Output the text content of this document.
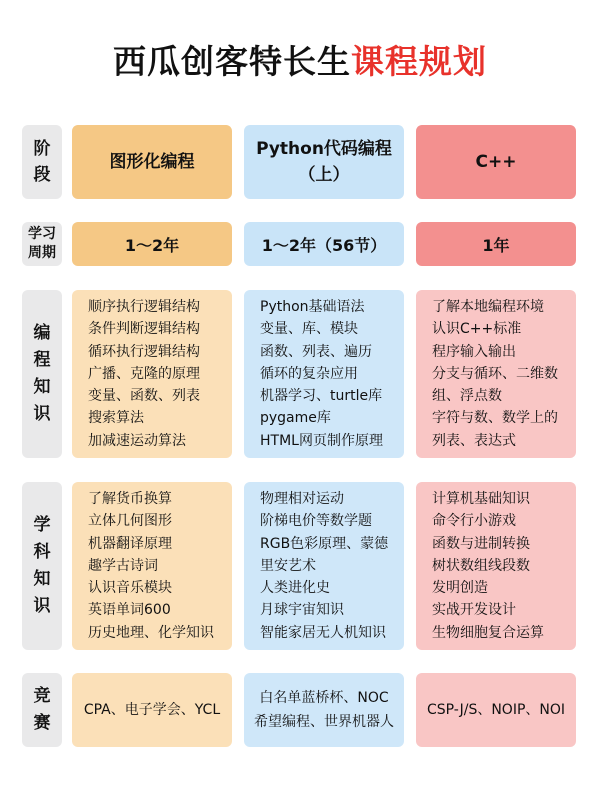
西瓜创客特长生课程规划
阶
段
学习
周期
编
程
知
识
学
科
知
识
竞
赛
图形化编程
Python代码编程
（上）
C++
1～2年	1～2年（56节）	1年
顺序执行逻辑结构
条件判断逻辑结构
循环执行逻辑结构
广播、克隆的原理
变量、函数、列表
搜索算法
加减速运动算法
Python基础语法
变量、库、模块
函数、列表、遍历
循环的复杂应用
机器学习、turtle库
pygame库
HTML网页制作原理
了解本地编程环境
认识C++标准
程序输入输出
分支与循环、二维数
组、浮点数
字符与数、数学上的
列表、表达式
了解货币换算
立体几何图形
机器翻译原理
趣学古诗词
认识音乐模块
英语单词600
历史地理、化学知识
物理相对运动
阶梯电价等数学题
RGB色彩原理、蒙德
里安艺术
人类进化史
月球宇宙知识
智能家居无人机知识
计算机基础知识
命令行小游戏
函数与进制转换
树状数组线段数
发明创造
实战开发设计
生物细胞复合运算
CPA、电子学会、YCL
白名单蓝桥杯、NOC
希望编程、世界机器人
CSP-J/S、NOIP、NOI
